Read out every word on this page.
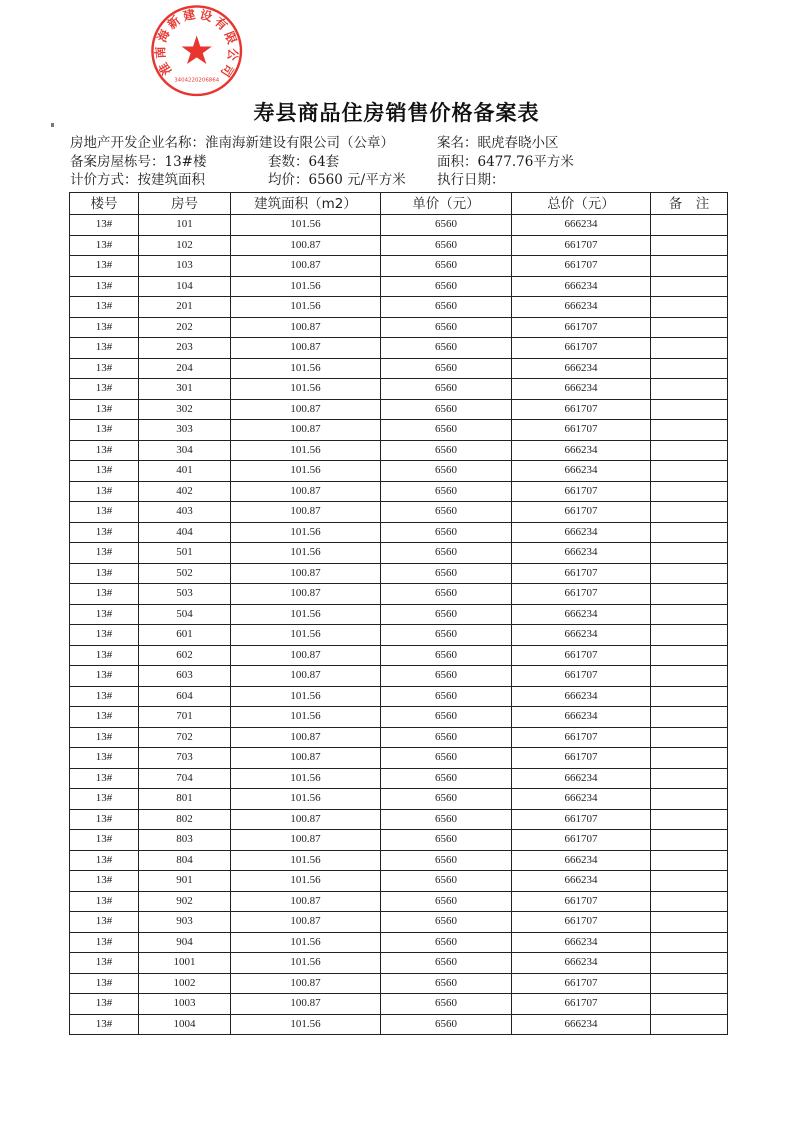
淮
南
海
新
建 设
有
限
公
司
3404220206864
寿县商品住房销售价格备案表
房地产开发企业名称：淮南海新建设有限公司（公章）	案名：眠虎春晓小区
备案房屋栋号：13#楼	套数：64套	面积：6477.76平方米
计价方式：按建筑面积	均价：6560 元/平方米 执行日期：
楼号	房号	建筑面积（m2）	单价（元）	总价（元）	备　注
13#	101	101.56	6560	666234	
13#	102	100.87	6560	661707	
13#	103	100.87	6560	661707	
13#	104	101.56	6560	666234	
13#	201	101.56	6560	666234	
13#	202	100.87	6560	661707	
13#	203	100.87	6560	661707	
13#	204	101.56	6560	666234	
13#	301	101.56	6560	666234	
13#	302	100.87	6560	661707	
13#	303	100.87	6560	661707	
13#	304	101.56	6560	666234	
13#	401	101.56	6560	666234	
13#	402	100.87	6560	661707	
13#	403	100.87	6560	661707	
13#	404	101.56	6560	666234	
13#	501	101.56	6560	666234	
13#	502	100.87	6560	661707	
13#	503	100.87	6560	661707	
13#	504	101.56	6560	666234	
13#	601	101.56	6560	666234	
13#	602	100.87	6560	661707	
13#	603	100.87	6560	661707	
13#	604	101.56	6560	666234	
13#	701	101.56	6560	666234	
13#	702	100.87	6560	661707	
13#	703	100.87	6560	661707	
13#	704	101.56	6560	666234	
13#	801	101.56	6560	666234	
13#	802	100.87	6560	661707	
13#	803	100.87	6560	661707	
13#	804	101.56	6560	666234	
13#	901	101.56	6560	666234	
13#	902	100.87	6560	661707	
13#	903	100.87	6560	661707	
13#	904	101.56	6560	666234	
13#	1001	101.56	6560	666234	
13#	1002	100.87	6560	661707	
13#	1003	100.87	6560	661707	
13#	1004	101.56	6560	666234	
